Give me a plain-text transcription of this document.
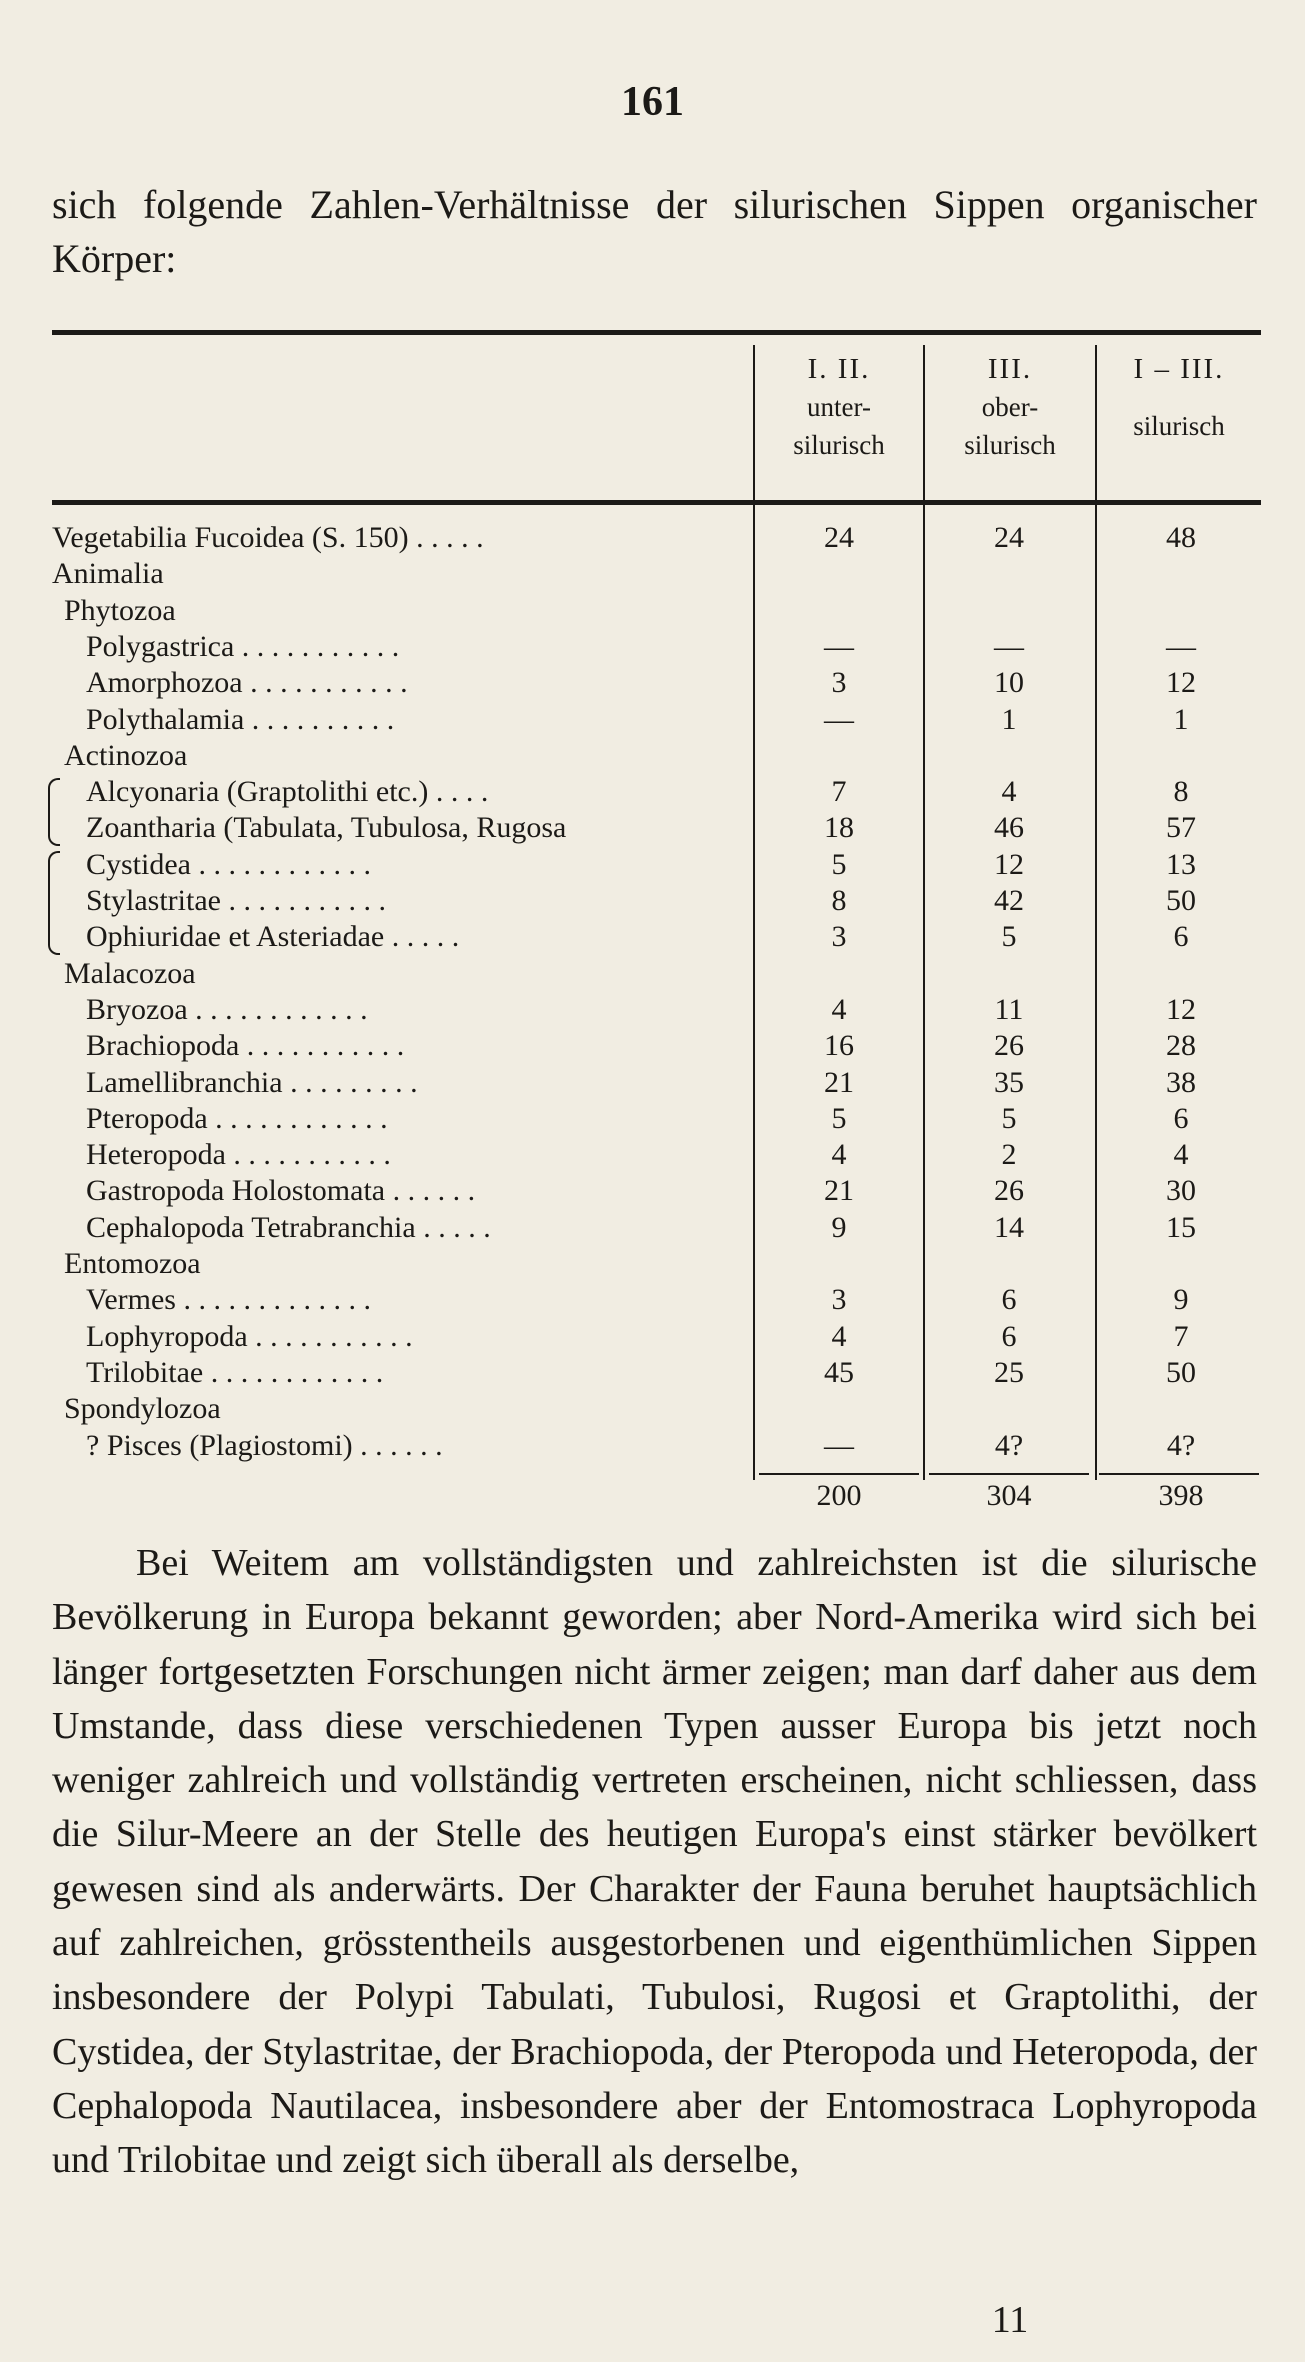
161
sich folgende Zahlen-Verhältnisse der silurischen Sippen organischer Körper:
I. II.
unter-
silurisch
III.
ober-
silurisch
I – III.
silurisch
Vegetabilia Fucoidea (S. 150) . . . . .	24	24	48
Animalia
Phytozoa
Polygastrica . . . . . . . . . . .	—	—	—
Amorphozoa . . . . . . . . . . .	3	10	12
Polythalamia . . . . . . . . . .	—	1	1
Actinozoa
Alcyonaria (Graptolithi etc.) . . . .	7	4	8
Zoantharia (Tabulata, Tubulosa, Rugosa	18	46	57
Cystidea . . . . . . . . . . . .	5	12	13
Stylastritae . . . . . . . . . . .	8	42	50
Ophiuridae et Asteriadae . . . . .	3	5	6
Malacozoa
Bryozoa . . . . . . . . . . . .	4	11	12
Brachiopoda . . . . . . . . . . .	16	26	28
Lamellibranchia . . . . . . . . .	21	35	38
Pteropoda . . . . . . . . . . . .	5	5	6
Heteropoda . . . . . . . . . . .	4	2	4
Gastropoda Holostomata . . . . . .	21	26	30
Cephalopoda Tetrabranchia . . . . .	9	14	15
Entomozoa
Vermes . . . . . . . . . . . . .	3	6	9
Lophyropoda . . . . . . . . . . .	4	6	7
Trilobitae . . . . . . . . . . . .	45	25	50
Spondylozoa
? Pisces (Plagiostomi) . . . . . .	—	4?	4?
200	304	398

Bei Weitem am vollständigsten und zahlreichsten ist die silurische Bevölkerung in Europa bekannt geworden; aber Nord-Amerika wird sich bei länger fortgesetzten Forschungen nicht ärmer zeigen; man darf daher aus dem Umstande, dass diese verschiedenen Typen ausser Europa bis jetzt noch weniger zahlreich und vollständig vertreten erscheinen, nicht schliessen, dass die Silur-Meere an der Stelle des heutigen Europa's einst stärker bevölkert gewesen sind als anderwärts. Der Charakter der Fauna beruhet hauptsächlich auf zahlreichen, grösstentheils ausgestorbenen und eigenthümlichen Sippen insbesondere der Polypi Tabulati, Tubulosi, Rugosi et Graptolithi, der Cystidea, der Stylastritae, der Brachiopoda, der Pteropoda und Heteropoda, der Cephalopoda Nautilacea, insbesondere aber der Entomostraca Lophyropoda und Trilobitae und zeigt sich überall als derselbe,

11
